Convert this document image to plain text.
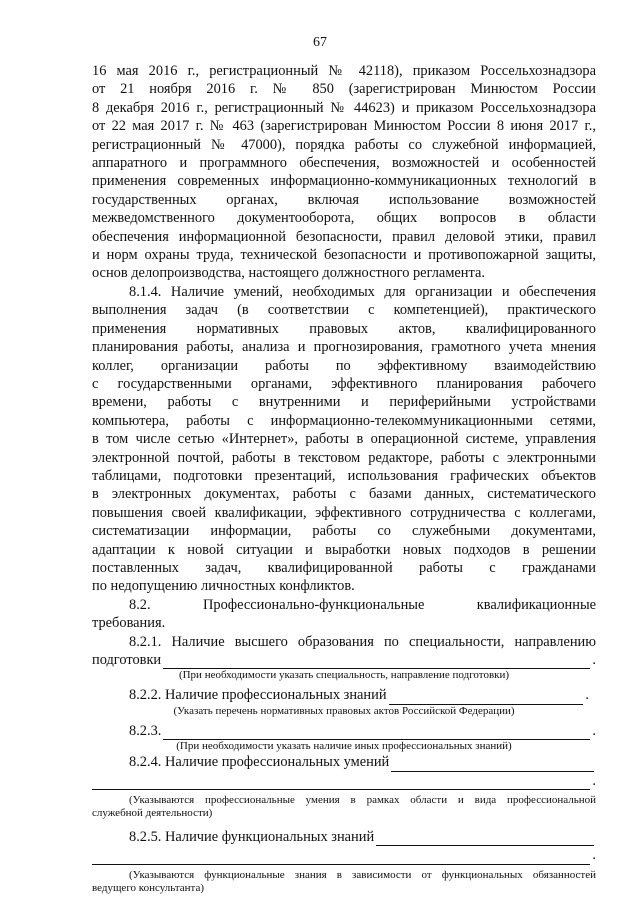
67
16 мая 2016 г., регистрационный № 42118), приказом Россельхознадзора
от 21 ноября 2016 г. № 850 (зарегистрирован Минюстом России
8 декабря 2016 г., регистрационный № 44623) и приказом Россельхознадзора
от 22 мая 2017 г. № 463 (зарегистрирован Минюстом России 8 июня 2017 г.,
регистрационный № 47000), порядка работы со служебной информацией,
аппаратного и программного обеспечения, возможностей и особенностей
применения современных информационно-коммуникационных технологий в
государственных органах, включая использование возможностей
межведомственного документооборота, общих вопросов в области
обеспечения информационной безопасности, правил деловой этики, правил
и норм охраны труда, технической безопасности и противопожарной защиты,
основ делопроизводства, настоящего должностного регламента.
8.1.4. Наличие умений, необходимых для организации и обеспечения
выполнения задач (в соответствии с компетенцией), практического
применения нормативных правовых актов, квалифицированного
планирования работы, анализа и прогнозирования, грамотного учета мнения
коллег, организации работы по эффективному взаимодействию
с государственными органами, эффективного планирования рабочего
времени, работы с внутренними и периферийными устройствами
компьютера, работы с информационно-телекоммуникационными сетями,
в том числе сетью «Интернет», работы в операционной системе, управления
электронной почтой, работы в текстовом редакторе, работы с электронными
таблицами, подготовки презентаций, использования графических объектов
в электронных документах, работы с базами данных, систематического
повышения своей квалификации, эффективного сотрудничества с коллегами,
систематизации информации, работы со служебными документами,
адаптации к новой ситуации и выработки новых подходов в решении
поставленных задач, квалифицированной работы с гражданами
по недопущению личностных конфликтов.
8.2. Профессионально-функциональные квалификационные
требования.
8.2.1. Наличие высшего образования по специальности, направлению
подготовки	.
(При необходимости указать специальность, направление подготовки)
8.2.2. Наличие профессиональных знаний	.
(Указать перечень нормативных правовых актов Российской Федерации)
8.2.3.	.
(При необходимости указать наличие иных профессиональных знаний)
8.2.4. Наличие профессиональных умений
.
(Указываются профессиональные умения в рамках области и вида профессиональной
служебной деятельности)
8.2.5. Наличие функциональных знаний
.
(Указываются функциональные знания в зависимости от функциональных обязанностей
ведущего консультанта)
